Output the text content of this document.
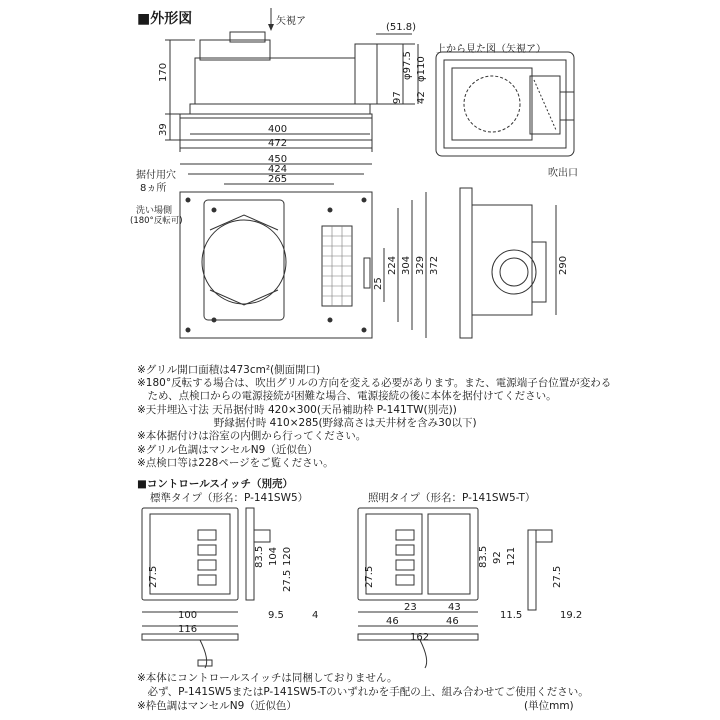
■外形図	矢視ア
上から見た図（矢視ア）
吹出口
(51.8)
φ97.5 φ110
170
97 42
39	400
472
450
424
265
25
224 304 329 372	290
83.5 104 120
27.5	27.5
100
116
9.5	4
83.5 92 121
27.5
23	43
46	46
162
11.5	19.2
27.5
据付用穴
8ヵ所
洗い場側
(180°反転可)
※グリル開口面積は473cm²(側面開口)
※180°反転する場合は、吹出グリルの方向を変える必要があります。また、電源端子台位置が変わる
　ため、点検口からの電源接続が困難な場合、電源接続の後に本体を据付けてください。
※天井埋込寸法 天吊据付時 420×300(天吊補助枠 P-141TW(別売))
　　　　　　　 野縁据付時 410×285(野縁高さは天井材を含み30以下)
※本体据付けは浴室の内側から行ってください。
※グリル色調はマンセルN9（近似色）
※点検口等は228ページをご覧ください。
■コントロールスイッチ（別売）
標準タイプ（形名：P-141SW5）	照明タイプ（形名：P-141SW5-T）
※本体にコントロールスイッチは同梱しておりません。
　必ず、P-141SW5またはP-141SW5-Tのいずれかを手配の上、組み合わせてご使用ください。
※枠色調はマンセルN9（近似色）	(単位mm)
